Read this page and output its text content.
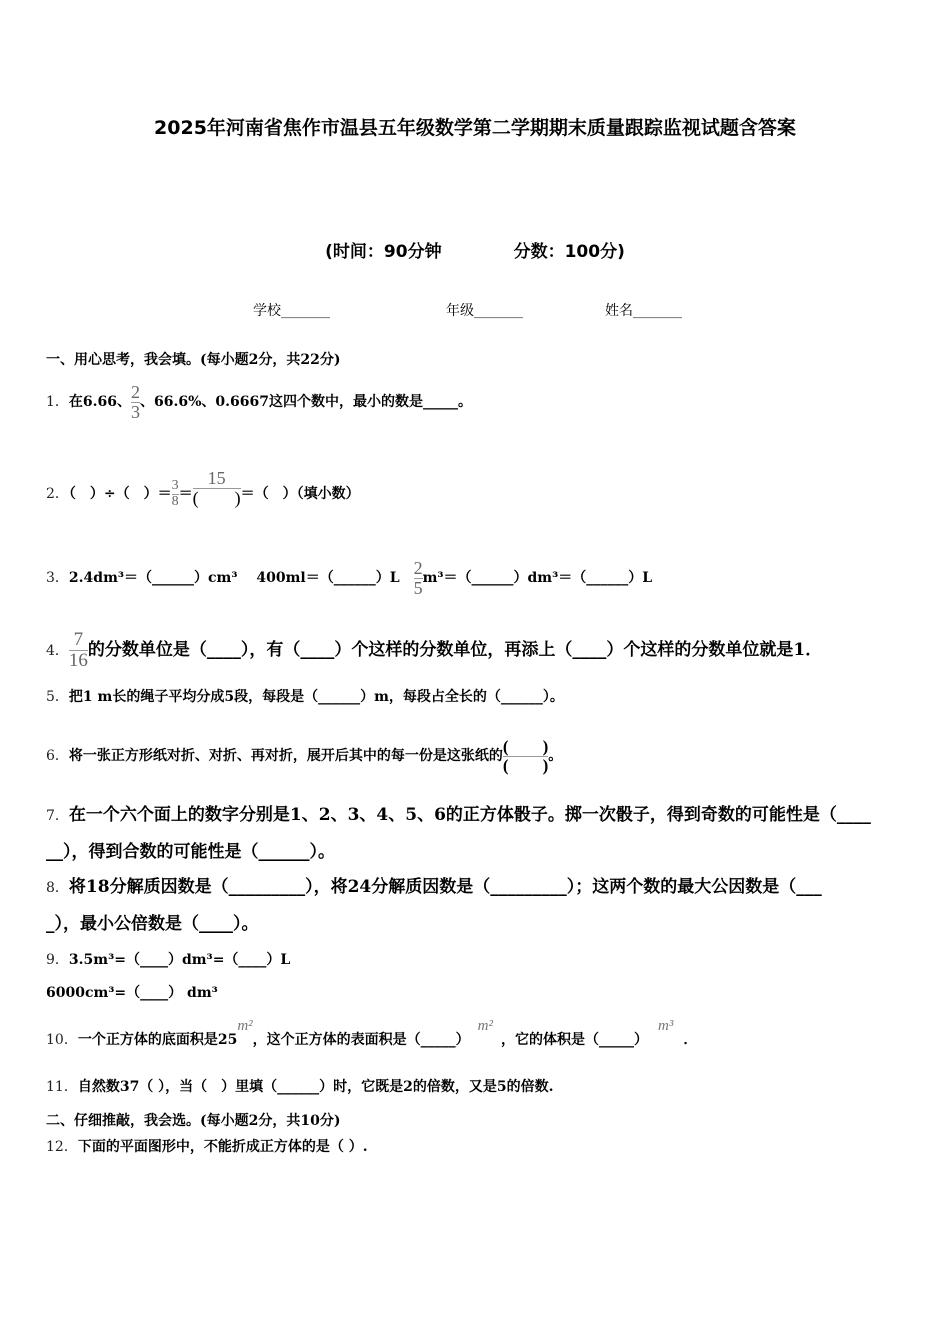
2025年河南省焦作市温县五年级数学第二学期期末质量跟踪监视试题含答案
(时间：90分钟	分数：100分)
学校_______	年级_______	姓名_______
一、用心思考，我会填。(每小题2分，共22分)
1．在6.66、 $\frac{2}{3}$ 、66.6%、0.6667这四个数中，最小的数是_____。
2．（　）÷（　）＝ $\frac{3}{8} = \frac{15}{( )}$ ＝（　）（填小数）
3．2.4dm³＝（______）cm³　 400ml＝（______）L　 $\frac{2}{5}$ m³＝（______）dm³＝（______）L
4． $\frac{7}{16}$ 的分数单位是（____），有（____）个这样的分数单位，再添上（____）个这样的分数单位就是1．
5．把1 m长的绳子平均分成5段，每段是（______）m，每段占全长的（______）。
6．将一张正方形纸对折、对折、再对折，展开后其中的每一份是这张纸的 $\frac{( )}{( )}$ 。
7．在一个六个面上的数字分别是1、2、3、4、5、6的正方体骰子。掷一次骰子，得到奇数的可能性是（____
__），得到合数的可能性是（______）。
8．将18分解质因数是（_________），将24分解质因数是（_________）；这两个数的最大公因数是（___
_），最小公倍数是（____）。
9．3.5m³=（____）dm³=（____）L
6000cm³=（____） dm³
10．一个正方体的底面积是25m²，这个正方体的表面积是（_____）m²，它的体积是（_____）m³．
11．自然数37（ ），当（　）里填（______）时，它既是2的倍数，又是5的倍数.
二、仔细推敲，我会选。(每小题2分，共10分)
12．下面的平面图形中，不能折成正方体的是（ ）.
